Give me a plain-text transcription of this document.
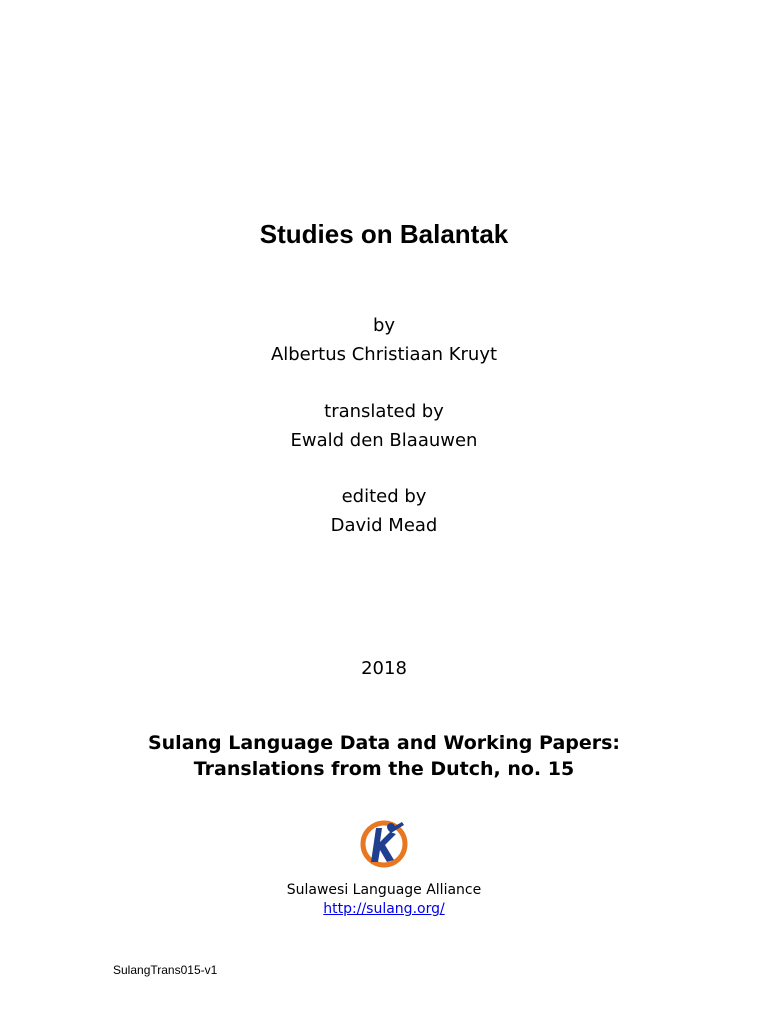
Studies on Balantak
by
Albertus Christiaan Kruyt
translated by
Ewald den Blaauwen
edited by
David Mead
2018
Sulang Language Data and Working Papers:
Translations from the Dutch, no. 15
Sulawesi Language Alliance
http://sulang.org/
SulangTrans015-v1
